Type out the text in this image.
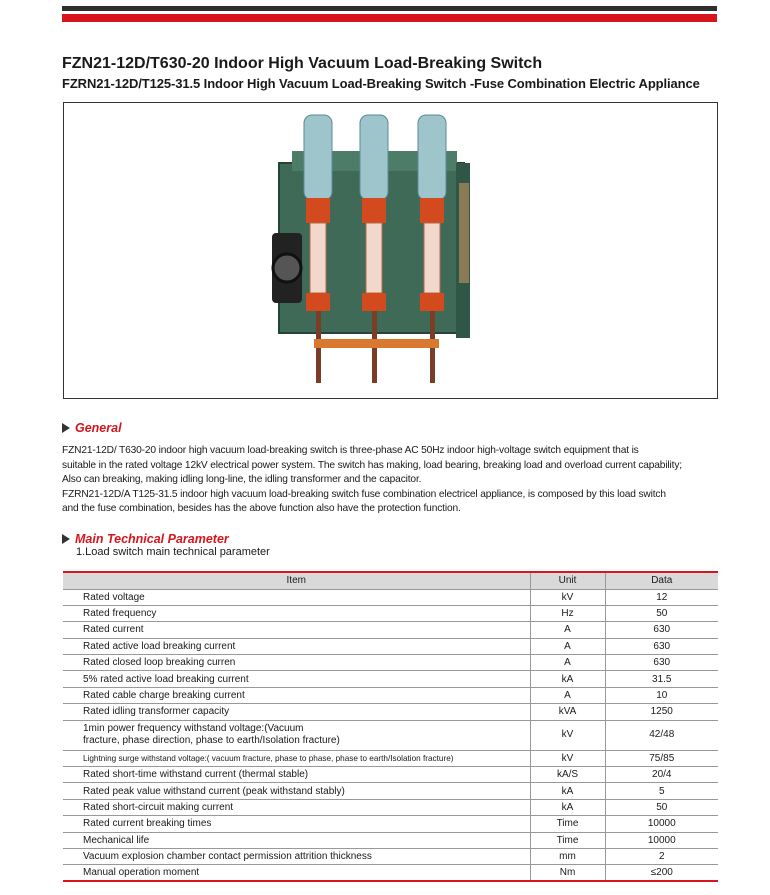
FZN21-12D/T630-20 Indoor High Vacuum Load-Breaking Switch
FZRN21-12D/T125-31.5 Indoor High Vacuum Load-Breaking Switch -Fuse Combination Electric Appliance
General

FZN21-12D/ T630-20 indoor high vacuum load-breaking switch is three-phase AC 50Hz indoor high-voltage switch equipment that is

suitable in the rated voltage 12kV electrical power system. The switch has making, load bearing, breaking load and overload current capability;

Also can breaking, making idling long-line, the idling transformer and the capacitor.

FZRN21-12D/A T125-31.5 indoor high vacuum load-breaking switch fuse combination electricel appliance, is composed by this load switch

and the fuse combination, besides has the above function also have the protection function.

Main Technical Parameter
1.Load switch main technical parameter
Item	Unit	Data
Rated voltage	kV	12
Rated frequency	Hz	50
Rated current	A	630
Rated active load breaking current	A	630
Rated closed loop breaking curren	A	630
5% rated active load breaking current	kA	31.5
Rated cable charge breaking current	A	10
Rated idling transformer capacity	kVA	1250
1min power frequency withstand voltage:(Vacuum
fracture, phase direction, phase to earth/Isolation fracture)	kV	42/48
Lightning surge withstand voltage:( vacuum fracture, phase to phase, phase to earth/Isolation fracture)	kV	75/85
Rated short-time withstand current (thermal stable)	kA/S	20/4
Rated peak value withstand current (peak withstand stably)	kA	5
Rated short-circuit making current	kA	50
Rated current breaking times	Time	10000
Mechanical life	Time	10000
Vacuum explosion chamber contact permission attrition thickness	mm	2
Manual operation moment	Nm	≤200
